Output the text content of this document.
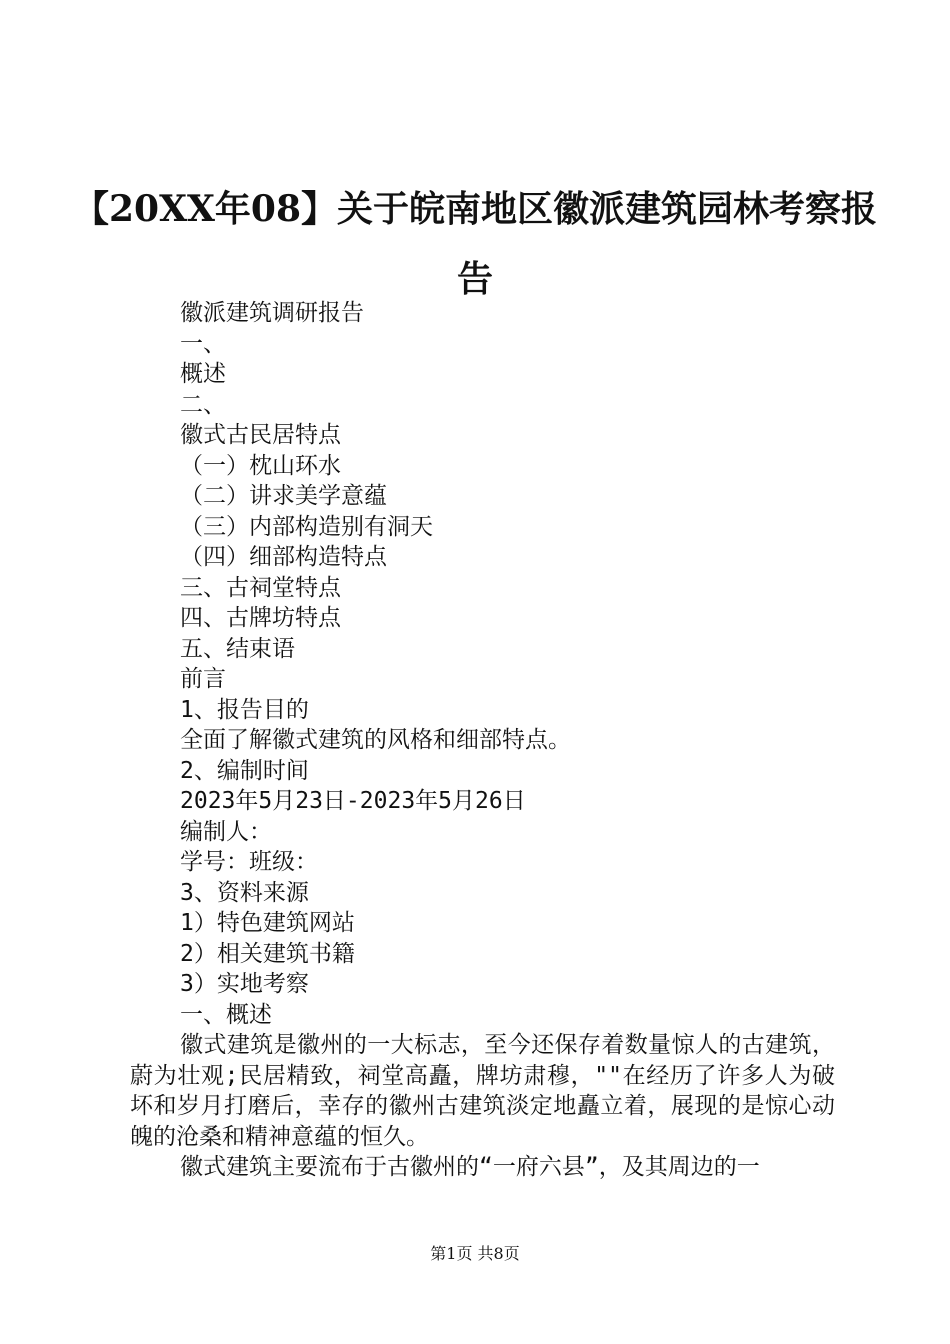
【20XX年08】关于皖南地区徽派建筑园林考察报告
徽派建筑调研报告
一、
概述
二、
徽式古民居特点
（一）枕山环水
（二）讲求美学意蕴
（三）内部构造别有洞天
（四）细部构造特点
三、古祠堂特点
四、古牌坊特点
五、结束语
前言
1、报告目的
全面了解徽式建筑的风格和细部特点。
2、编制时间
2023年5月23日-2023年5月26日
编制人：
学号：班级：
3、资料来源
1）特色建筑网站
2）相关建筑书籍
3）实地考察
一、概述
徽式建筑是徽州的一大标志，至今还保存着数量惊人的古建筑，蔚为壮观;民居精致，祠堂高矗，牌坊肃穆，""在经历了许多人为破坏和岁月打磨后，幸存的徽州古建筑淡定地矗立着，展现的是惊心动魄的沧桑和精神意蕴的恒久。
徽式建筑主要流布于古徽州的“一府六县”，及其周边的一
第1页 共8页
